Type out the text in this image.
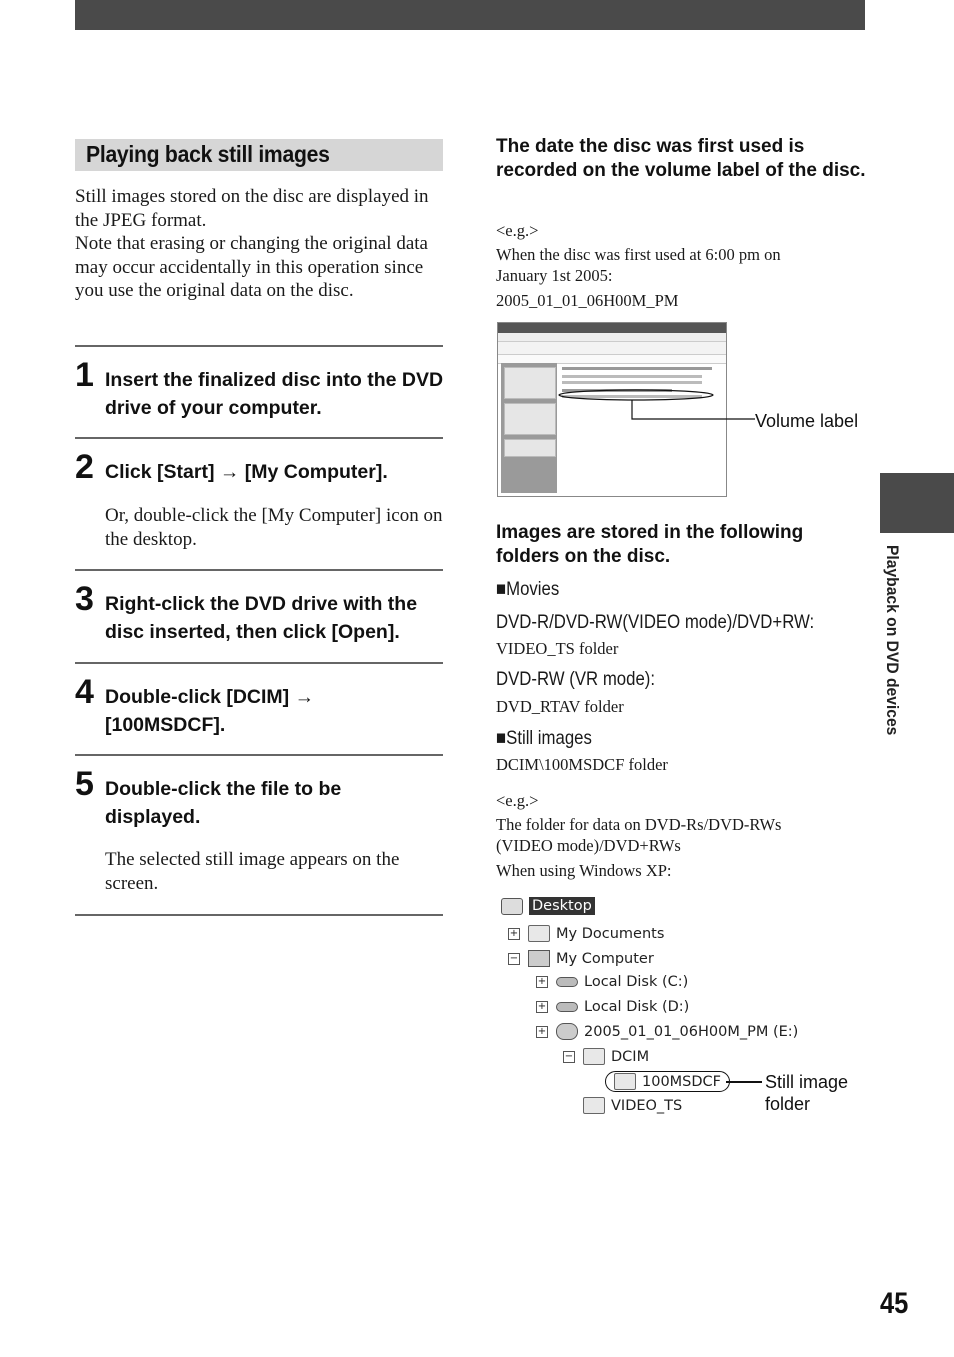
Playing back still images

Still images stored on the disc are displayed in the JPEG format.

Note that erasing or changing the original data may occur accidentally in this operation since you use the original data on the disc.

1 Insert the finalized disc into the DVD drive of your computer.
2 Click [Start] → [My Computer].
Or, double-click the [My Computer] icon on the desktop.
3 Right-click the DVD drive with the disc inserted, then click [Open].
4 Double-click [DCIM] → [100MSDCF].
5 Double-click the file to be displayed.
The selected still image appears on the screen.
The date the disc was first used is recorded on the volume label of the disc.
<e.g.>
When the disc was first used at 6:00 pm on January 1st 2005:
2005_01_01_06H00M_PM
Volume label
Images are stored in the following folders on the disc.
■Movies
DVD-R/DVD-RW(VIDEO mode)/DVD+RW:
VIDEO_TS folder
DVD-RW (VR mode):
DVD_RTAV folder
■Still images
DCIM\100MSDCF folder
<e.g.>
The folder for data on DVD-Rs/DVD-RWs (VIDEO mode)/DVD+RWs
When using Windows XP:
Desktop
+	My Documents
−	My Computer
+	Local Disk (C:)
+	Local Disk (D:)
+	2005_01_01_06H00M_PM (E:)
−	DCIM
100MSDCF
VIDEO_TS
Still image folder
Playback on DVD devices
45
